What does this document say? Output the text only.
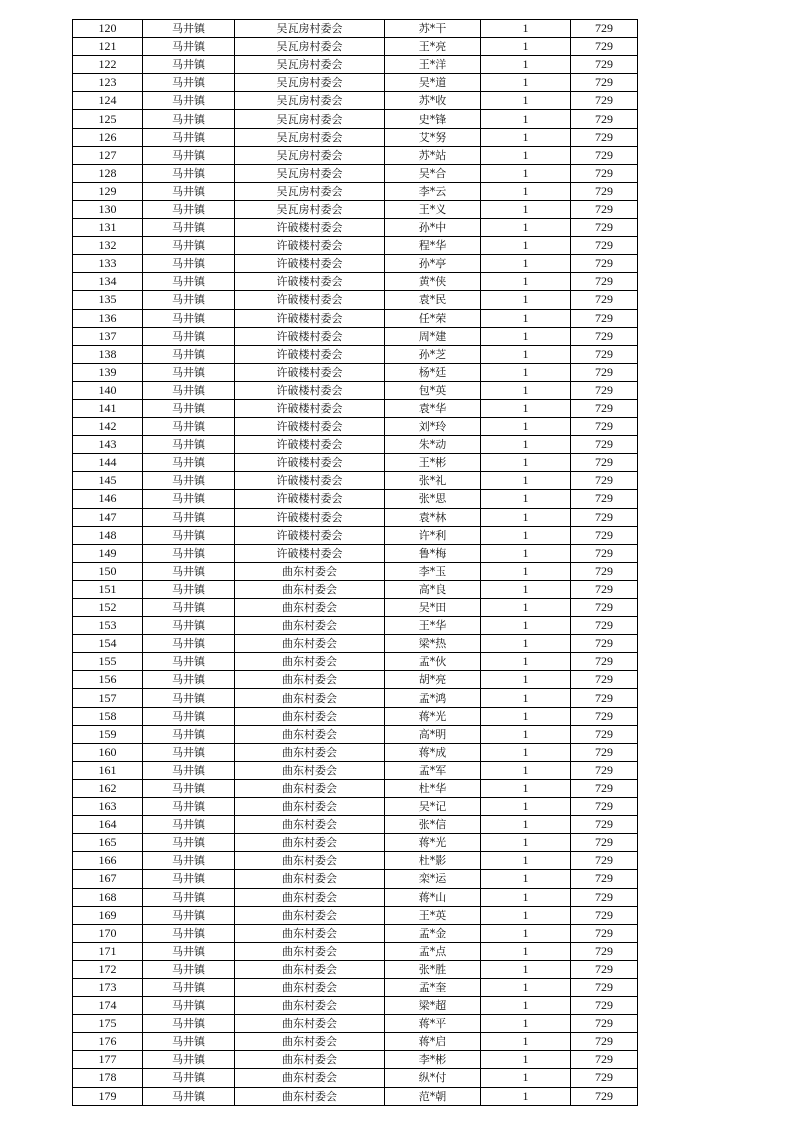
120	马井镇	吴瓦房村委会	苏*干	1	729
121	马井镇	吴瓦房村委会	王*亮	1	729
122	马井镇	吴瓦房村委会	王*洋	1	729
123	马井镇	吴瓦房村委会	吴*道	1	729
124	马井镇	吴瓦房村委会	苏*收	1	729
125	马井镇	吴瓦房村委会	史*锋	1	729
126	马井镇	吴瓦房村委会	艾*努	1	729
127	马井镇	吴瓦房村委会	苏*站	1	729
128	马井镇	吴瓦房村委会	吴*合	1	729
129	马井镇	吴瓦房村委会	李*云	1	729
130	马井镇	吴瓦房村委会	王*义	1	729
131	马井镇	许破楼村委会	孙*中	1	729
132	马井镇	许破楼村委会	程*华	1	729
133	马井镇	许破楼村委会	孙*亭	1	729
134	马井镇	许破楼村委会	黄*侠	1	729
135	马井镇	许破楼村委会	袁*民	1	729
136	马井镇	许破楼村委会	任*荣	1	729
137	马井镇	许破楼村委会	周*建	1	729
138	马井镇	许破楼村委会	孙*芝	1	729
139	马井镇	许破楼村委会	杨*廷	1	729
140	马井镇	许破楼村委会	包*英	1	729
141	马井镇	许破楼村委会	袁*华	1	729
142	马井镇	许破楼村委会	刘*玲	1	729
143	马井镇	许破楼村委会	朱*动	1	729
144	马井镇	许破楼村委会	王*彬	1	729
145	马井镇	许破楼村委会	张*礼	1	729
146	马井镇	许破楼村委会	张*思	1	729
147	马井镇	许破楼村委会	袁*林	1	729
148	马井镇	许破楼村委会	许*利	1	729
149	马井镇	许破楼村委会	鲁*梅	1	729
150	马井镇	曲东村委会	李*玉	1	729
151	马井镇	曲东村委会	高*良	1	729
152	马井镇	曲东村委会	吴*田	1	729
153	马井镇	曲东村委会	王*华	1	729
154	马井镇	曲东村委会	梁*热	1	729
155	马井镇	曲东村委会	孟*伙	1	729
156	马井镇	曲东村委会	胡*亮	1	729
157	马井镇	曲东村委会	孟*鸿	1	729
158	马井镇	曲东村委会	蒋*光	1	729
159	马井镇	曲东村委会	高*明	1	729
160	马井镇	曲东村委会	蒋*成	1	729
161	马井镇	曲东村委会	孟*军	1	729
162	马井镇	曲东村委会	杜*华	1	729
163	马井镇	曲东村委会	吴*记	1	729
164	马井镇	曲东村委会	张*信	1	729
165	马井镇	曲东村委会	蒋*光	1	729
166	马井镇	曲东村委会	杜*影	1	729
167	马井镇	曲东村委会	栾*运	1	729
168	马井镇	曲东村委会	蒋*山	1	729
169	马井镇	曲东村委会	王*英	1	729
170	马井镇	曲东村委会	孟*金	1	729
171	马井镇	曲东村委会	孟*点	1	729
172	马井镇	曲东村委会	张*胜	1	729
173	马井镇	曲东村委会	孟*奎	1	729
174	马井镇	曲东村委会	梁*超	1	729
175	马井镇	曲东村委会	蒋*平	1	729
176	马井镇	曲东村委会	蒋*启	1	729
177	马井镇	曲东村委会	李*彬	1	729
178	马井镇	曲东村委会	纵*付	1	729
179	马井镇	曲东村委会	范*朝	1	729
